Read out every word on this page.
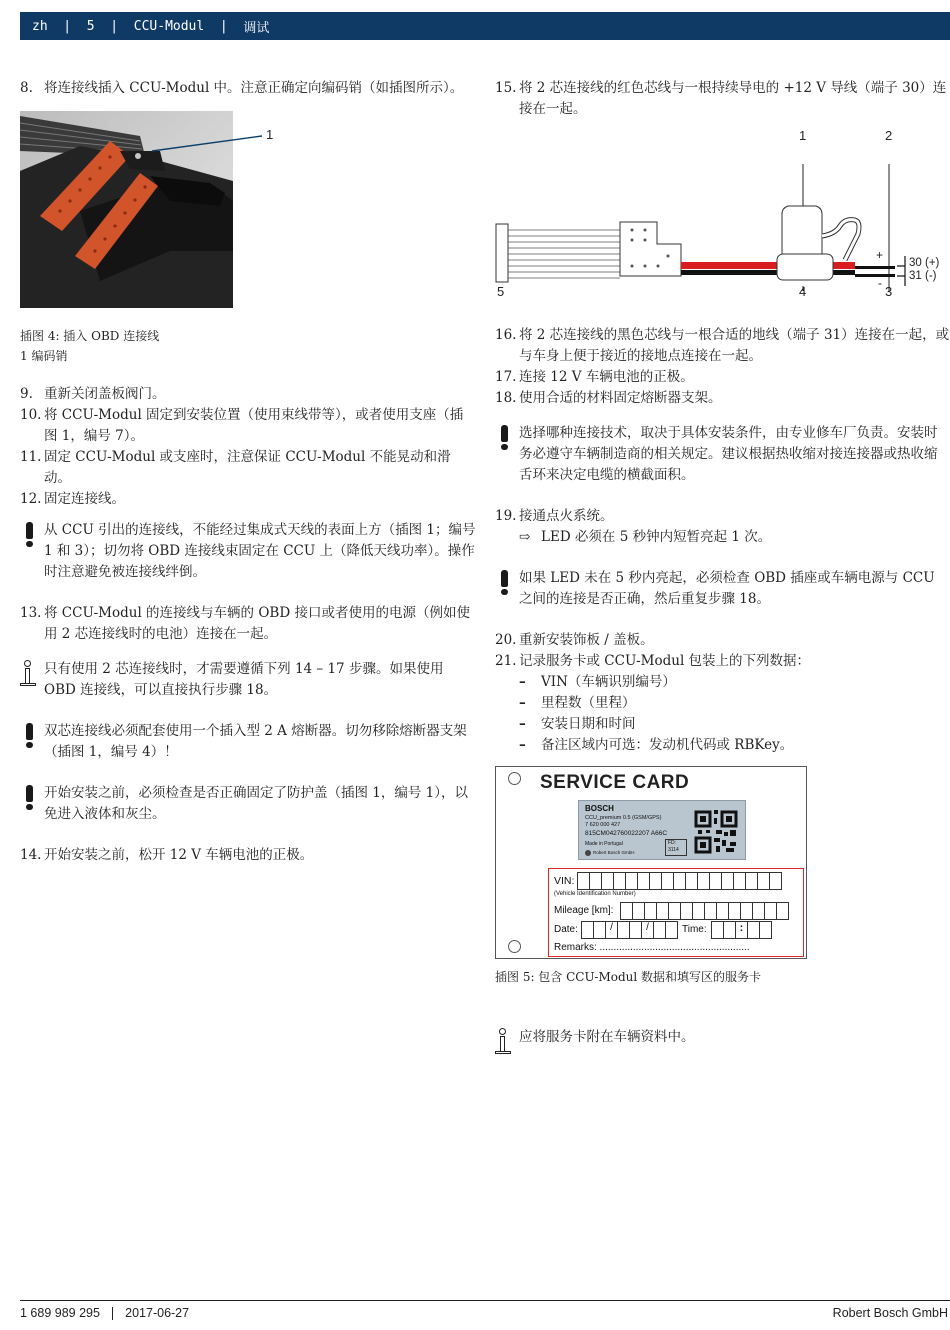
zh | 5 | CCU-Modul | 调试
8. 将连接线插入 CCU-Modul 中。注意正确定向编码销（如插图所示）。
1
插图 4: 插入 OBD 连接线
1 编码销
9. 重新关闭盖板阀门。
10. 将 CCU-Modul 固定到安装位置（使用束线带等），或者使用支座（插图 1，编号 7）。
11. 固定 CCU-Modul 或支座时，注意保证 CCU-Modul 不能晃动和滑动。
12. 固定连接线。
从 CCU 引出的连接线，不能经过集成式天线的表面上方（插图 1；编号 1 和 3）；切勿将 OBD 连接线束固定在 CCU 上（降低天线功率）。操作时注意避免被连接线绊倒。
13. 将 CCU-Modul 的连接线与车辆的 OBD 接口或者使用的电源（例如使用 2 芯连接线时的电池）连接在一起。
只有使用 2 芯连接线时，才需要遵循下列 14 – 17 步骤。如果使用 OBD 连接线，可以直接执行步骤 18。
双芯连接线必须配套使用一个插入型 2 A 熔断器。切勿移除熔断器支架（插图 1，编号 4）！
开始安装之前，必须检查是否正确固定了防护盖（插图 1，编号 1），以免进入液体和灰尘。
14. 开始安装之前，松开 12 V 车辆电池的正极。
15. 将 2 芯连接线的红色芯线与一根持续导电的 +12 V 导线（端子 30）连接在一起。
1	2
+
-
30 (+)
31 (-)
5	4	3
16. 将 2 芯连接线的黑色芯线与一根合适的地线（端子 31）连接在一起，或与车身上便于接近的接地点连接在一起。
17. 连接 12 V 车辆电池的正极。
18. 使用合适的材料固定熔断器支架。
选择哪种连接技术，取决于具体安装条件，由专业修车厂负责。安装时务必遵守车辆制造商的相关规定。建议根据热收缩对接连接器或热收缩舌环来决定电缆的横截面积。
19. 接通点火系统。
⇨ LED 必须在 5 秒钟内短暂亮起 1 次。
如果 LED 未在 5 秒内亮起，必须检查 OBD 插座或车辆电源与 CCU 之间的连接是否正确，然后重复步骤 18。
20. 重新安装饰板 / 盖板。
21. 记录服务卡或 CCU-Modul 包装上的下列数据：
–	VIN（车辆识别编号）
–	里程数（里程）
–	安装日期和时间
–	备注区域内可选：发动机代码或 RBKey。
SERVICE CARD
BOSCH
CCU_premium 0.5 (GSM/GPS)
7 620 000 427
815CM042760022207 A66C
Made in Portugal
Robert Bosch GmbH
FD:
3114
VIN:
(Vehicle Identification Number)
Mileage [km]:
Date:	/	/	Time:	:
Remarks: ......................................................
插图 5: 包含 CCU-Modul 数据和填写区的服务卡
应将服务卡附在车辆资料中。
1 689 989 295 2017-06-27	Robert Bosch GmbH
